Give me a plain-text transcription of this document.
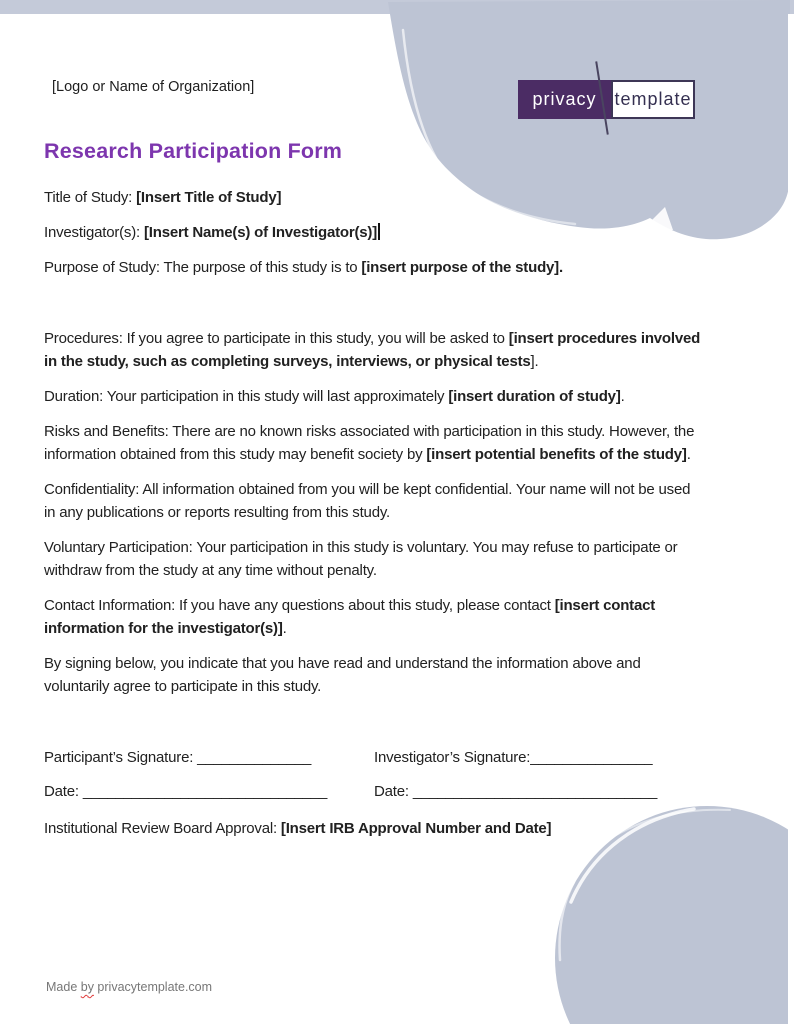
[Logo or Name of Organization]
privacy template
Research Participation Form

Title of Study: [Insert Title of Study]

Investigator(s): [Insert Name(s) of Investigator(s)]

Purpose of Study: The purpose of this study is to [insert purpose of the study].

Procedures: If you agree to participate in this study, you will be asked to [insert procedures involved
in the study, such as completing surveys, interviews, or physical tests].

Duration: Your participation in this study will last approximately [insert duration of study].

Risks and Benefits: There are no known risks associated with participation in this study. However, the
information obtained from this study may benefit society by [insert potential benefits of the study].

Confidentiality: All information obtained from you will be kept confidential. Your name will not be used
in any publications or reports resulting from this study.

Voluntary Participation: Your participation in this study is voluntary. You may refuse to participate or
withdraw from the study at any time without penalty.

Contact Information: If you have any questions about this study, please contact [insert contact
information for the investigator(s)].

By signing below, you indicate that you have read and understand the information above and
voluntarily agree to participate in this study.

Participant’s Signature: ______________	Investigator’s Signature:_______________
Date: ______________________________	Date: ______________________________

Institutional Review Board Approval: [Insert IRB Approval Number and Date]

Made by privacytemplate.com
